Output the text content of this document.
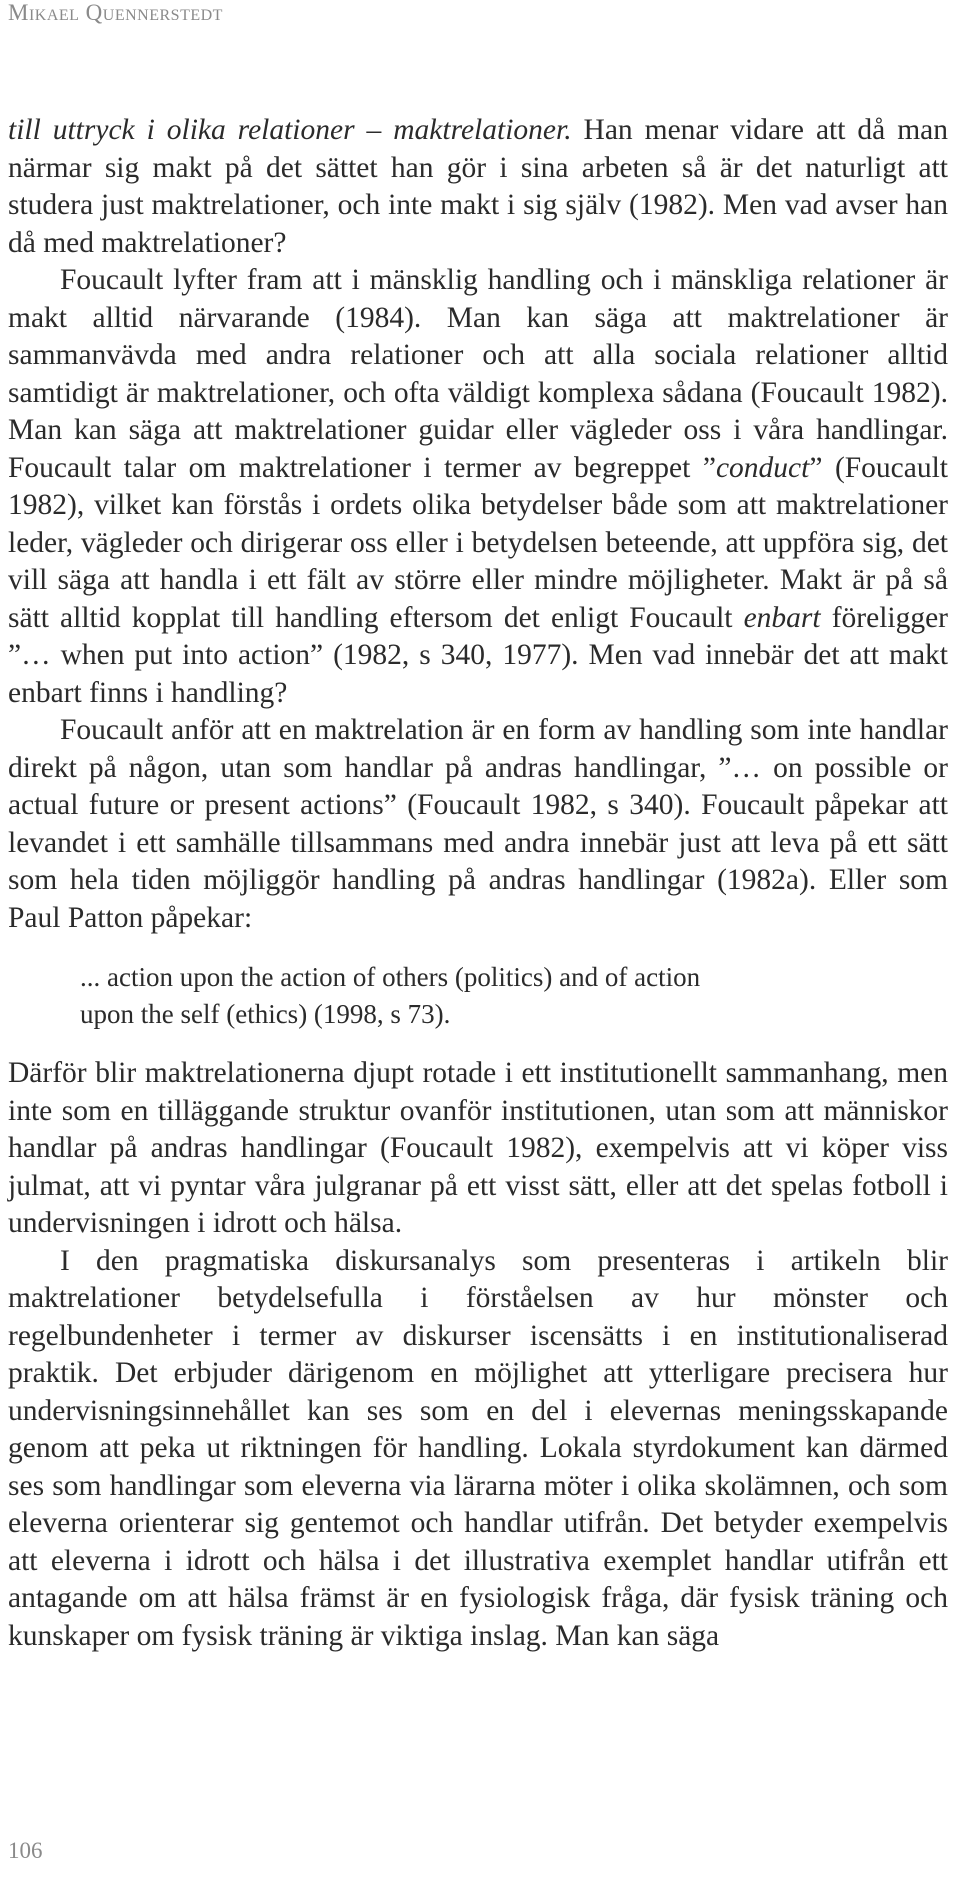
Mikael Quennerstedt

till uttryck i olika relationer – maktrelationer. Han menar vidare att då man närmar sig makt på det sättet han gör i sina arbeten så är det naturligt att studera just maktrelationer, och inte makt i sig själv (1982). Men vad avser han då med maktrelationer?

Foucault lyfter fram att i mänsklig handling och i mänskliga relationer är makt alltid närvarande (1984). Man kan säga att maktrelationer är sammanvävda med andra relationer och att alla sociala relationer alltid samtidigt är maktrelationer, och ofta väldigt komplexa sådana (Foucault 1982). Man kan säga att maktrelationer guidar eller vägleder oss i våra handlingar. Foucault talar om maktrelationer i termer av begreppet ”conduct” (Foucault 1982), vilket kan förstås i ordets olika betydelser både som att maktrelationer leder, vägleder och dirigerar oss eller i betydelsen beteende, att uppföra sig, det vill säga att handla i ett fält av större eller mindre möjligheter. Makt är på så sätt alltid kopplat till handling eftersom det enligt Foucault enbart föreligger ”… when put into action” (1982, s 340, 1977). Men vad innebär det att makt enbart finns i handling?

Foucault anför att en maktrelation är en form av handling som inte handlar direkt på någon, utan som handlar på andras handlingar, ”… on possible or actual future or present actions” (Foucault 1982, s 340). Foucault påpekar att levandet i ett samhälle tillsammans med andra innebär just att leva på ett sätt som hela tiden möjliggör handling på andras handlingar (1982a). Eller som Paul Patton påpekar:

... action upon the action of others (politics) and of action upon the self (ethics) (1998, s 73).

Därför blir maktrelationerna djupt rotade i ett institutionellt sammanhang, men inte som en tilläggande struktur ovanför institutionen, utan som att människor handlar på andras handlingar (Foucault 1982), exempelvis att vi köper viss julmat, att vi pyntar våra julgranar på ett visst sätt, eller att det spelas fotboll i undervisningen i idrott och hälsa.

I den pragmatiska diskursanalys som presenteras i artikeln blir maktrelationer betydelsefulla i förståelsen av hur mönster och regelbundenheter i termer av diskurser iscensätts i en institutionaliserad praktik. Det erbjuder därigenom en möjlighet att ytterligare precisera hur undervisningsinnehållet kan ses som en del i elevernas meningsskapande genom att peka ut riktningen för handling. Lokala styrdokument kan därmed ses som handlingar som eleverna via lärarna möter i olika skolämnen, och som eleverna orienterar sig gentemot och handlar utifrån. Det betyder exempelvis att eleverna i idrott och hälsa i det illustrativa exemplet handlar utifrån ett antagande om att hälsa främst är en fysiologisk fråga, där fysisk träning och kunskaper om fysisk träning är viktiga inslag. Man kan säga

106
